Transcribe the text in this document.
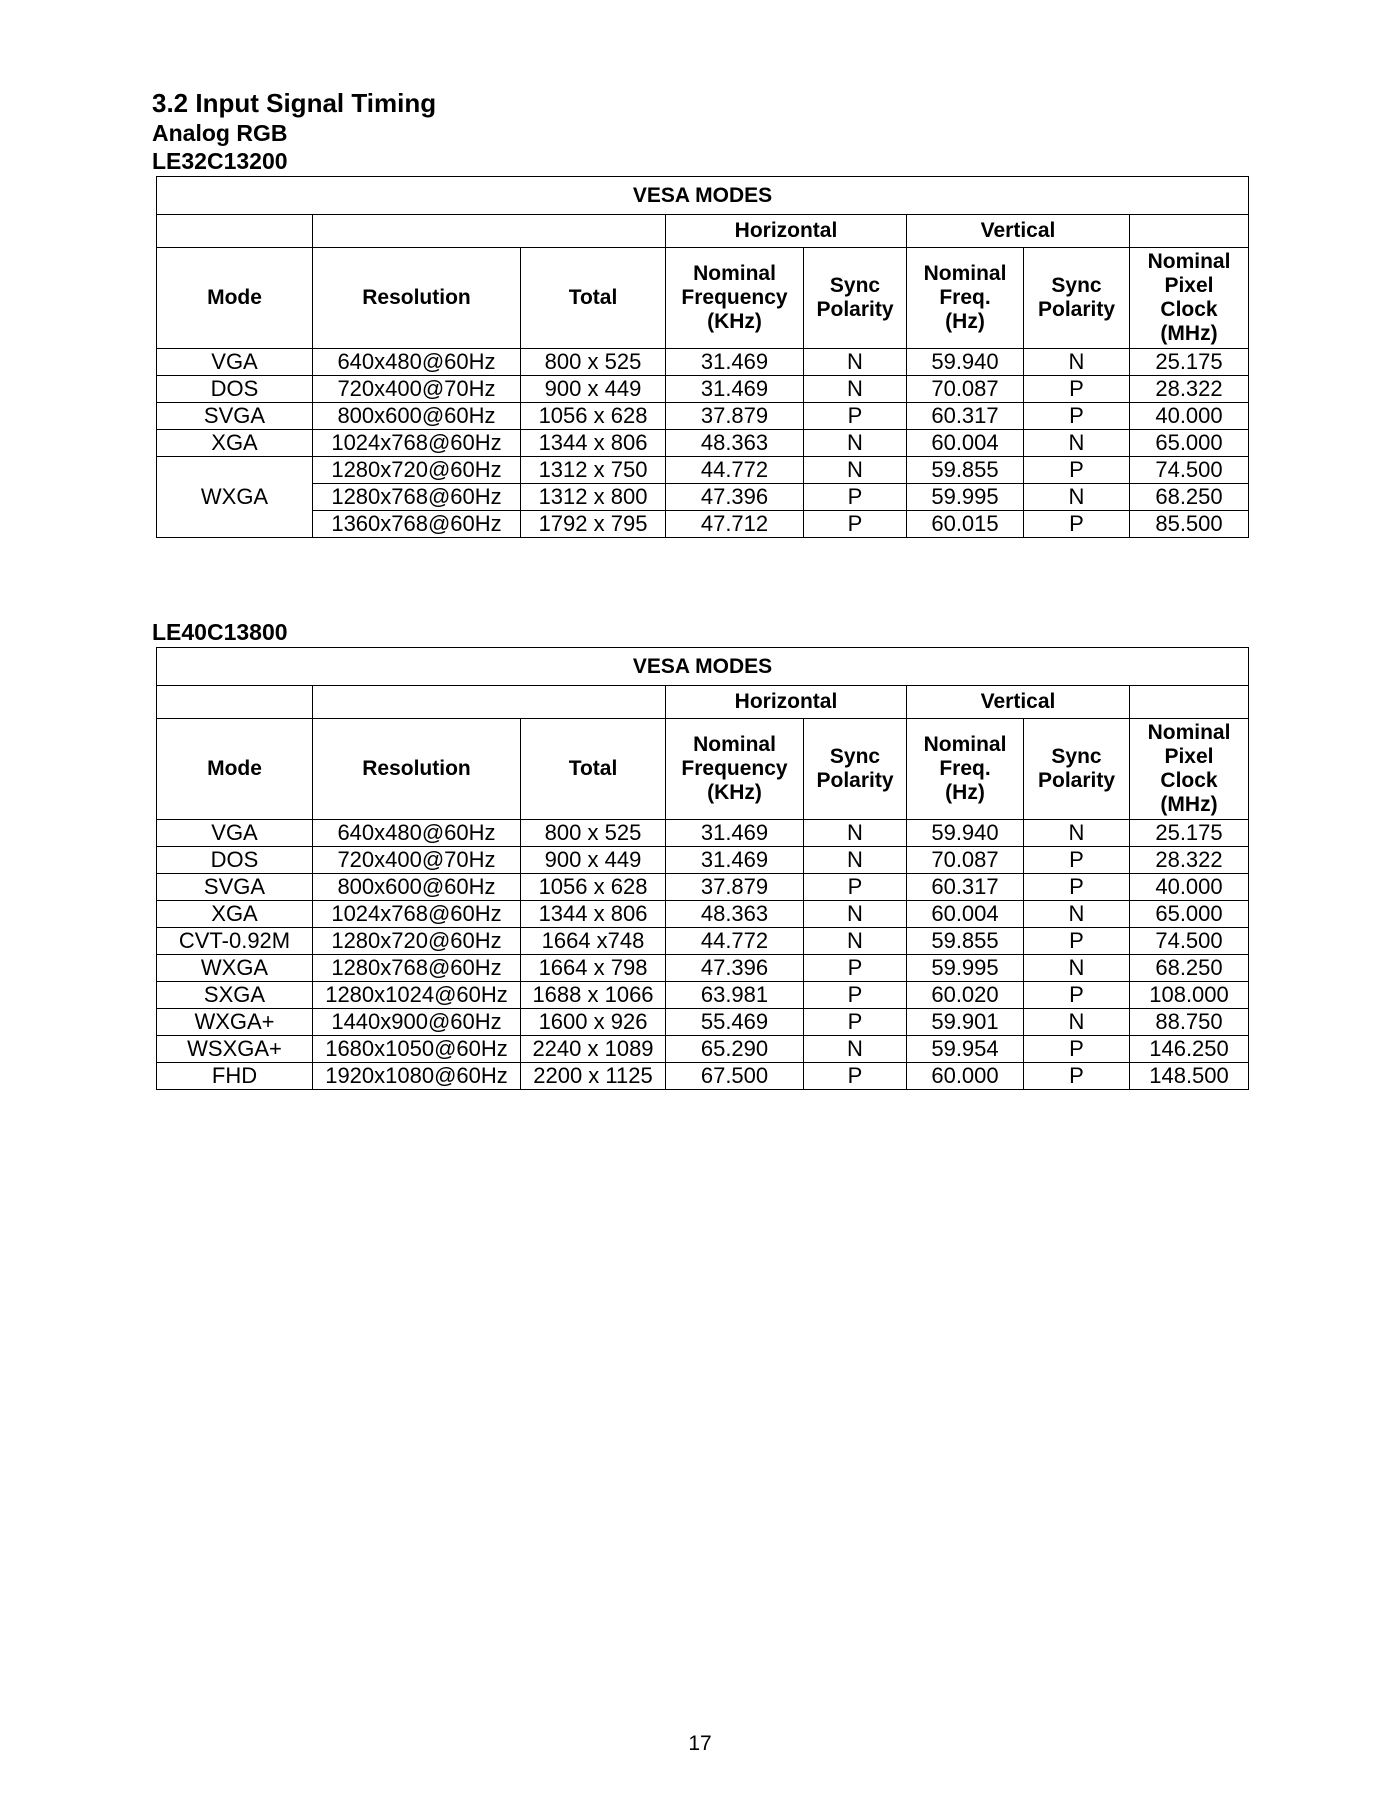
3.2 Input Signal Timing
Analog RGB
LE32C13200
VESA MODES							
			Horizontal		Vertical		
Mode	Resolution	Total	Nominal
Frequency
(KHz)	Sync
Polarity	Nominal
Freq.
(Hz)	Sync
Polarity	Nominal
Pixel
Clock
(MHz)
VGA	640x480@60Hz	800 x 525	31.469	N	59.940	N	25.175
DOS	720x400@70Hz	900 x 449	31.469	N	70.087	P	28.322
SVGA	800x600@60Hz	1056 x 628	37.879	P	60.317	P	40.000
XGA	1024x768@60Hz	1344 x 806	48.363	N	60.004	N	65.000
WXGA	1280x720@60Hz	1312 x 750	44.772	N	59.855	P	74.500
	1280x768@60Hz	1312 x 800	47.396	P	59.995	N	68.250
	1360x768@60Hz	1792 x 795	47.712	P	60.015	P	85.500
LE40C13800
VESA MODES							
			Horizontal		Vertical		
Mode	Resolution	Total	Nominal
Frequency
(KHz)	Sync
Polarity	Nominal
Freq.
(Hz)	Sync
Polarity	Nominal
Pixel
Clock
(MHz)
VGA	640x480@60Hz	800 x 525	31.469	N	59.940	N	25.175
DOS	720x400@70Hz	900 x 449	31.469	N	70.087	P	28.322
SVGA	800x600@60Hz	1056 x 628	37.879	P	60.317	P	40.000
XGA	1024x768@60Hz	1344 x 806	48.363	N	60.004	N	65.000
CVT-0.92M	1280x720@60Hz	1664 x748	44.772	N	59.855	P	74.500
WXGA	1280x768@60Hz	1664 x 798	47.396	P	59.995	N	68.250
SXGA	1280x1024@60Hz	1688 x 1066	63.981	P	60.020	P	108.000
WXGA+	1440x900@60Hz	1600 x 926	55.469	P	59.901	N	88.750
WSXGA+	1680x1050@60Hz	2240 x 1089	65.290	N	59.954	P	146.250
FHD	1920x1080@60Hz	2200 x 1125	67.500	P	60.000	P	148.500
17
